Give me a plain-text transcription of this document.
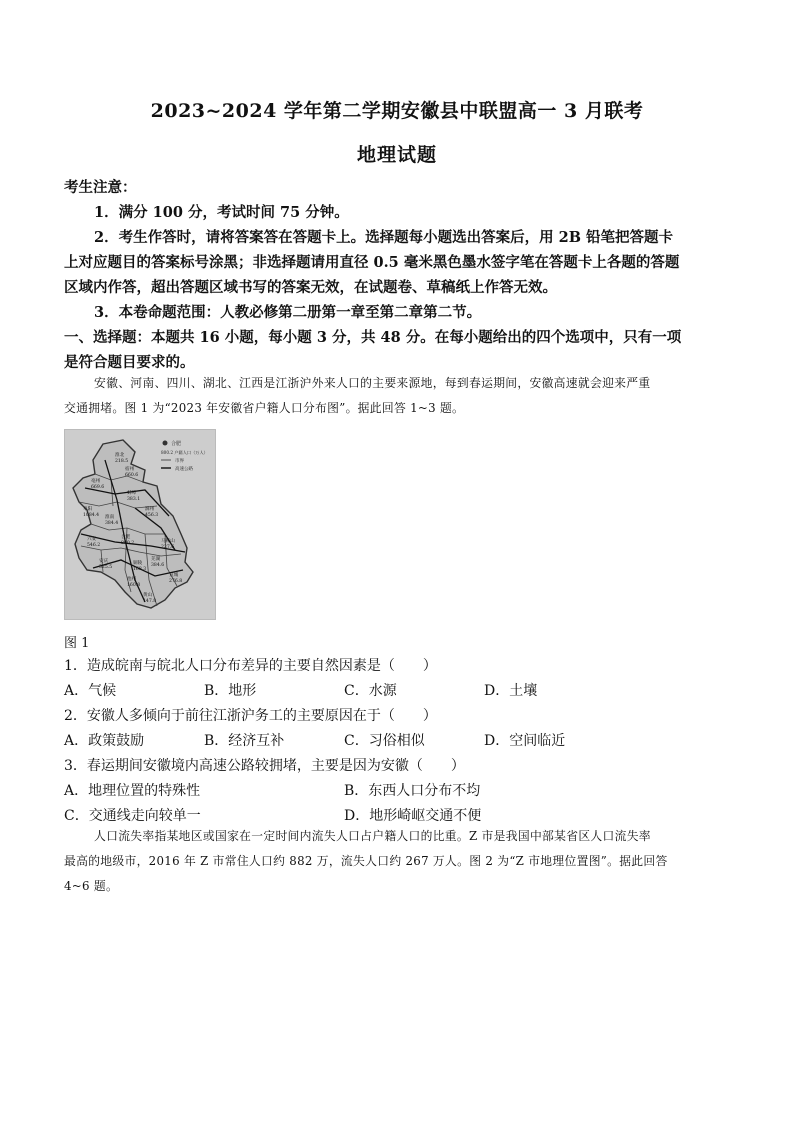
2023~2024 学年第二学期安徽县中联盟高一 3 月联考
地理试题
考生注意：
1．满分 100 分，考试时间 75 分钟。
2．考生作答时，请将答案答在答题卡上。选择题每小题选出答案后，用 2B 铅笔把答题卡
上对应题目的答案标号涂黑；非选择题请用直径 0.5 毫米黑色墨水签字笔在答题卡上各题的答题
区域内作答，超出答题区域书写的答案无效，在试题卷、草稿纸上作答无效。
3．本卷命题范围：人教必修第二册第一章至第二章第二节。
一、选择题：本题共 16 小题，每小题 3 分，共 48 分。在每小题给出的四个选项中，只有一项
是符合题目要求的。
安徽、河南、四川、湖北、江西是江浙沪外来人口的主要来源地，每到春运期间，安徽高速就会迎来严重
交通拥堵。图 1 为“2023 年安徽省户籍人口分布图”。据此回答 1~3 题。
合肥
800.2 户籍人口（万人）
市界
高速公路
淮北
218.5
亳州
669.6
宿州
660.6
蚌埠
383.1
阜阳
1084.4 淮南
384.4
滁州
456.3
六安
546.2
合肥
800.2	马鞍山
227.6
芜湖
384.6
宣城
276.8
铜陵
168.3
池州
160.8
安庆
525.5
黄山
147.8
图 1
1．造成皖南与皖北人口分布差异的主要自然因素是（　　）
A．气候	B．地形	C．水源	D．土壤
2．安徽人多倾向于前往江浙沪务工的主要原因在于（　　）
A．政策鼓励	B．经济互补	C．习俗相似	D．空间临近
3．春运期间安徽境内高速公路较拥堵，主要是因为安徽（　　）
A．地理位置的特殊性	B．东西人口分布不均
C．交通线走向较单一	D．地形崎岖交通不便
人口流失率指某地区或国家在一定时间内流失人口占户籍人口的比重。Z 市是我国中部某省区人口流失率
最高的地级市，2016 年 Z 市常住人口约 882 万，流失人口约 267 万人。图 2 为“Z 市地理位置图”。据此回答
4~6 题。
